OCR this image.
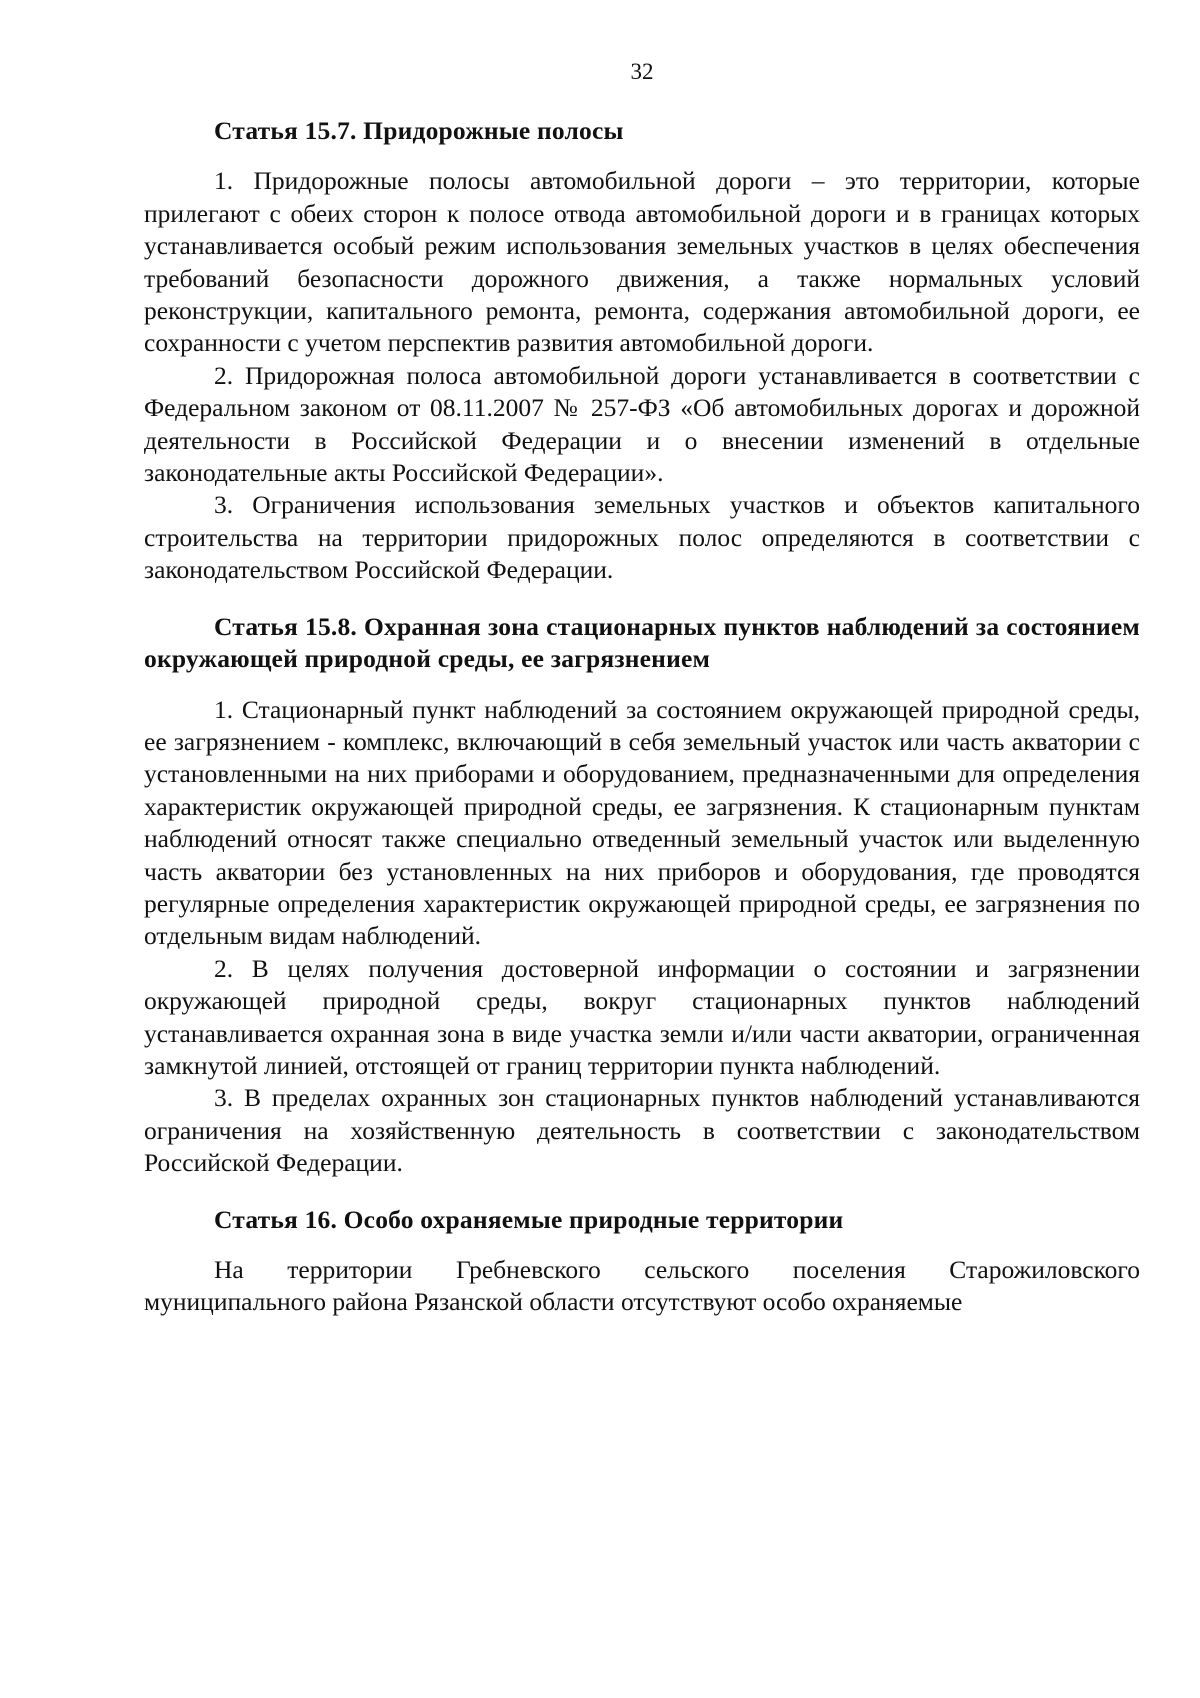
32
Статья 15.7. Придорожные полосы

1. Придорожные полосы автомобильной дороги – это территории, которые прилегают с обеих сторон к полосе отвода автомобильной дороги и в границах которых устанавливается особый режим использования земельных участков в целях обеспечения требований безопасности дорожного движения, а также нормальных условий реконструкции, капитального ремонта, ремонта, содержания автомобильной дороги, ее сохранности с учетом перспектив развития автомобильной дороги.

2. Придорожная полоса автомобильной дороги устанавливается в соответствии с Федеральном законом от 08.11.2007 № 257-ФЗ «Об автомобильных дорогах и дорожной деятельности в Российской Федерации и о внесении изменений в отдельные законодательные акты Российской Федерации».

3. Ограничения использования земельных участков и объектов капитального строительства на территории придорожных полос определяются в соответствии с законодательством Российской Федерации.

Статья 15.8. Охранная зона стационарных пунктов наблюдений за состоянием окружающей природной среды, ее загрязнением

1. Стационарный пункт наблюдений за состоянием окружающей природной среды, ее загрязнением - комплекс, включающий в себя земельный участок или часть акватории с установленными на них приборами и оборудованием, предназначенными для определения характеристик окружающей природной среды, ее загрязнения. К стационарным пунктам наблюдений относят также специально отведенный земельный участок или выделенную часть акватории без установленных на них приборов и оборудования, где проводятся регулярные определения характеристик окружающей природной среды, ее загрязнения по отдельным видам наблюдений.

2. В целях получения достоверной информации о состоянии и загрязнении окружающей природной среды, вокруг стационарных пунктов наблюдений устанавливается охранная зона в виде участка земли и/или части акватории, ограниченная замкнутой линией, отстоящей от границ территории пункта наблюдений.

3. В пределах охранных зон стационарных пунктов наблюдений устанавливаются ограничения на хозяйственную деятельность в соответствии с законодательством Российской Федерации.

Статья 16. Особо охраняемые природные территории

На территории Гребневского сельского поселения Старожиловского муниципального района Рязанской области отсутствуют особо охраняемые
